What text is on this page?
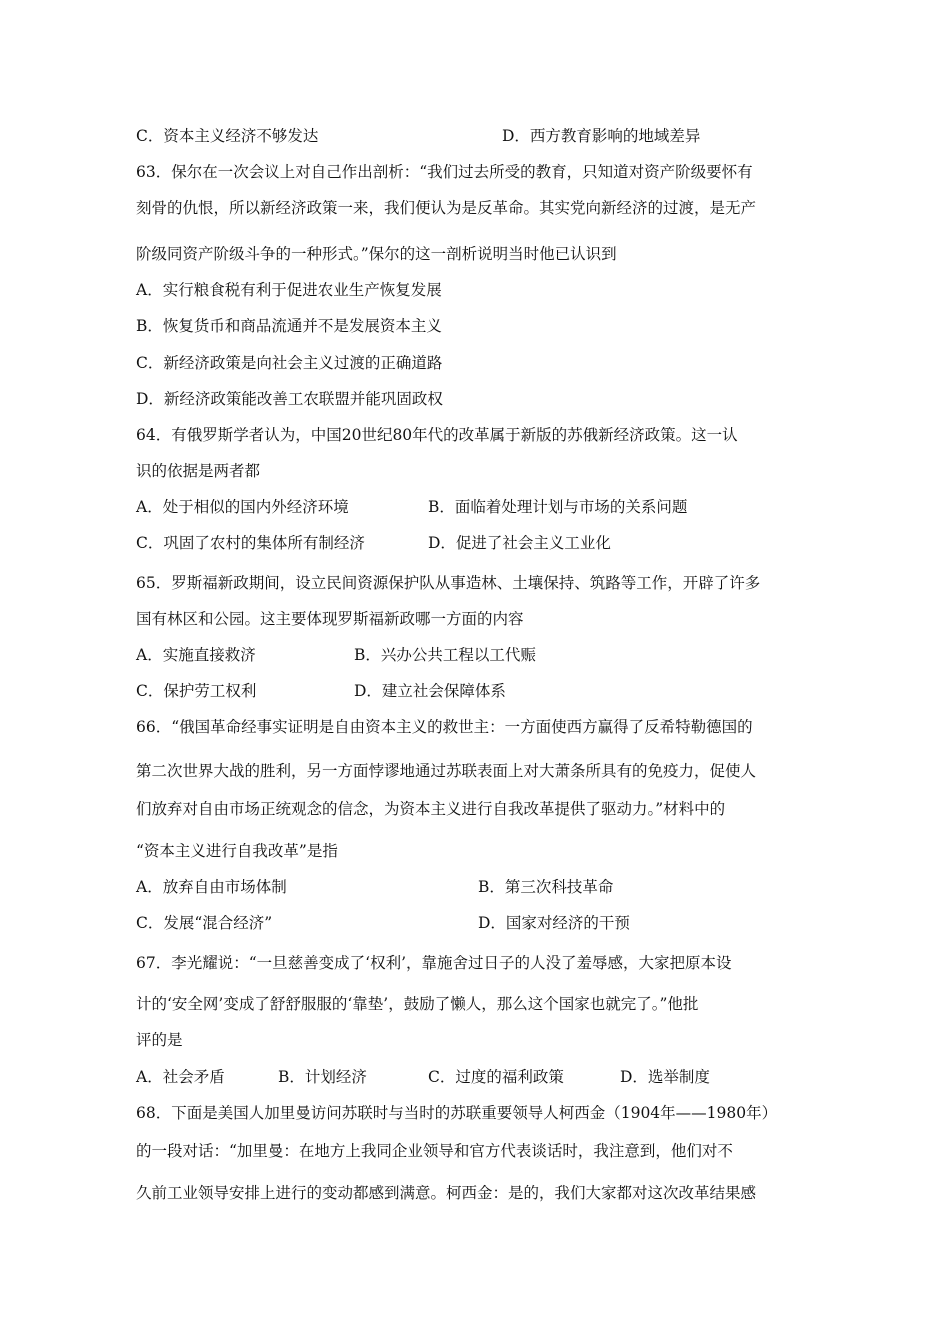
C．资本主义经济不够发达	D．西方教育影响的地域差异
63．保尔在一次会议上对自己作出剖析：“我们过去所受的教育，只知道对资产阶级要怀有
刻骨的仇恨，所以新经济政策一来，我们便认为是反革命。其实党向新经济的过渡，是无产
阶级同资产阶级斗争的一种形式。”保尔的这一剖析说明当时他已认识到
A．实行粮食税有利于促进农业生产恢复发展
B．恢复货币和商品流通并不是发展资本主义
C．新经济政策是向社会主义过渡的正确道路
D．新经济政策能改善工农联盟并能巩固政权
64．有俄罗斯学者认为，中国20世纪80年代的改革属于新版的苏俄新经济政策。这一认
识的依据是两者都
A．处于相似的国内外经济环境	B．面临着处理计划与市场的关系问题
C．巩固了农村的集体所有制经济	D．促进了社会主义工业化
65．罗斯福新政期间，设立民间资源保护队从事造林、土壤保持、筑路等工作，开辟了许多
国有林区和公园。这主要体现罗斯福新政哪一方面的内容
A．实施直接救济	B．兴办公共工程以工代赈
C．保护劳工权利	D．建立社会保障体系
66．“俄国革命经事实证明是自由资本主义的救世主：一方面使西方赢得了反希特勒德国的
第二次世界大战的胜利，另一方面悖谬地通过苏联表面上对大萧条所具有的免疫力，促使人
们放弃对自由市场正统观念的信念，为资本主义进行自我改革提供了驱动力。”材料中的
“资本主义进行自我改革”是指
A．放弃自由市场体制	B．第三次科技革命
C．发展“混合经济”	D．国家对经济的干预
67．李光耀说：“一旦慈善变成了‘权利’，靠施舍过日子的人没了羞辱感，大家把原本设
计的‘安全网’变成了舒舒服服的‘靠垫’，鼓励了懒人，那么这个国家也就完了。”他批
评的是
A．社会矛盾	B．计划经济	C．过度的福利政策	D．选举制度
68．下面是美国人加里曼访问苏联时与当时的苏联重要领导人柯西金（1904年——1980年）
的一段对话：“加里曼：在地方上我同企业领导和官方代表谈话时，我注意到，他们对不
久前工业领导安排上进行的变动都感到满意。柯西金：是的，我们大家都对这次改革结果感
